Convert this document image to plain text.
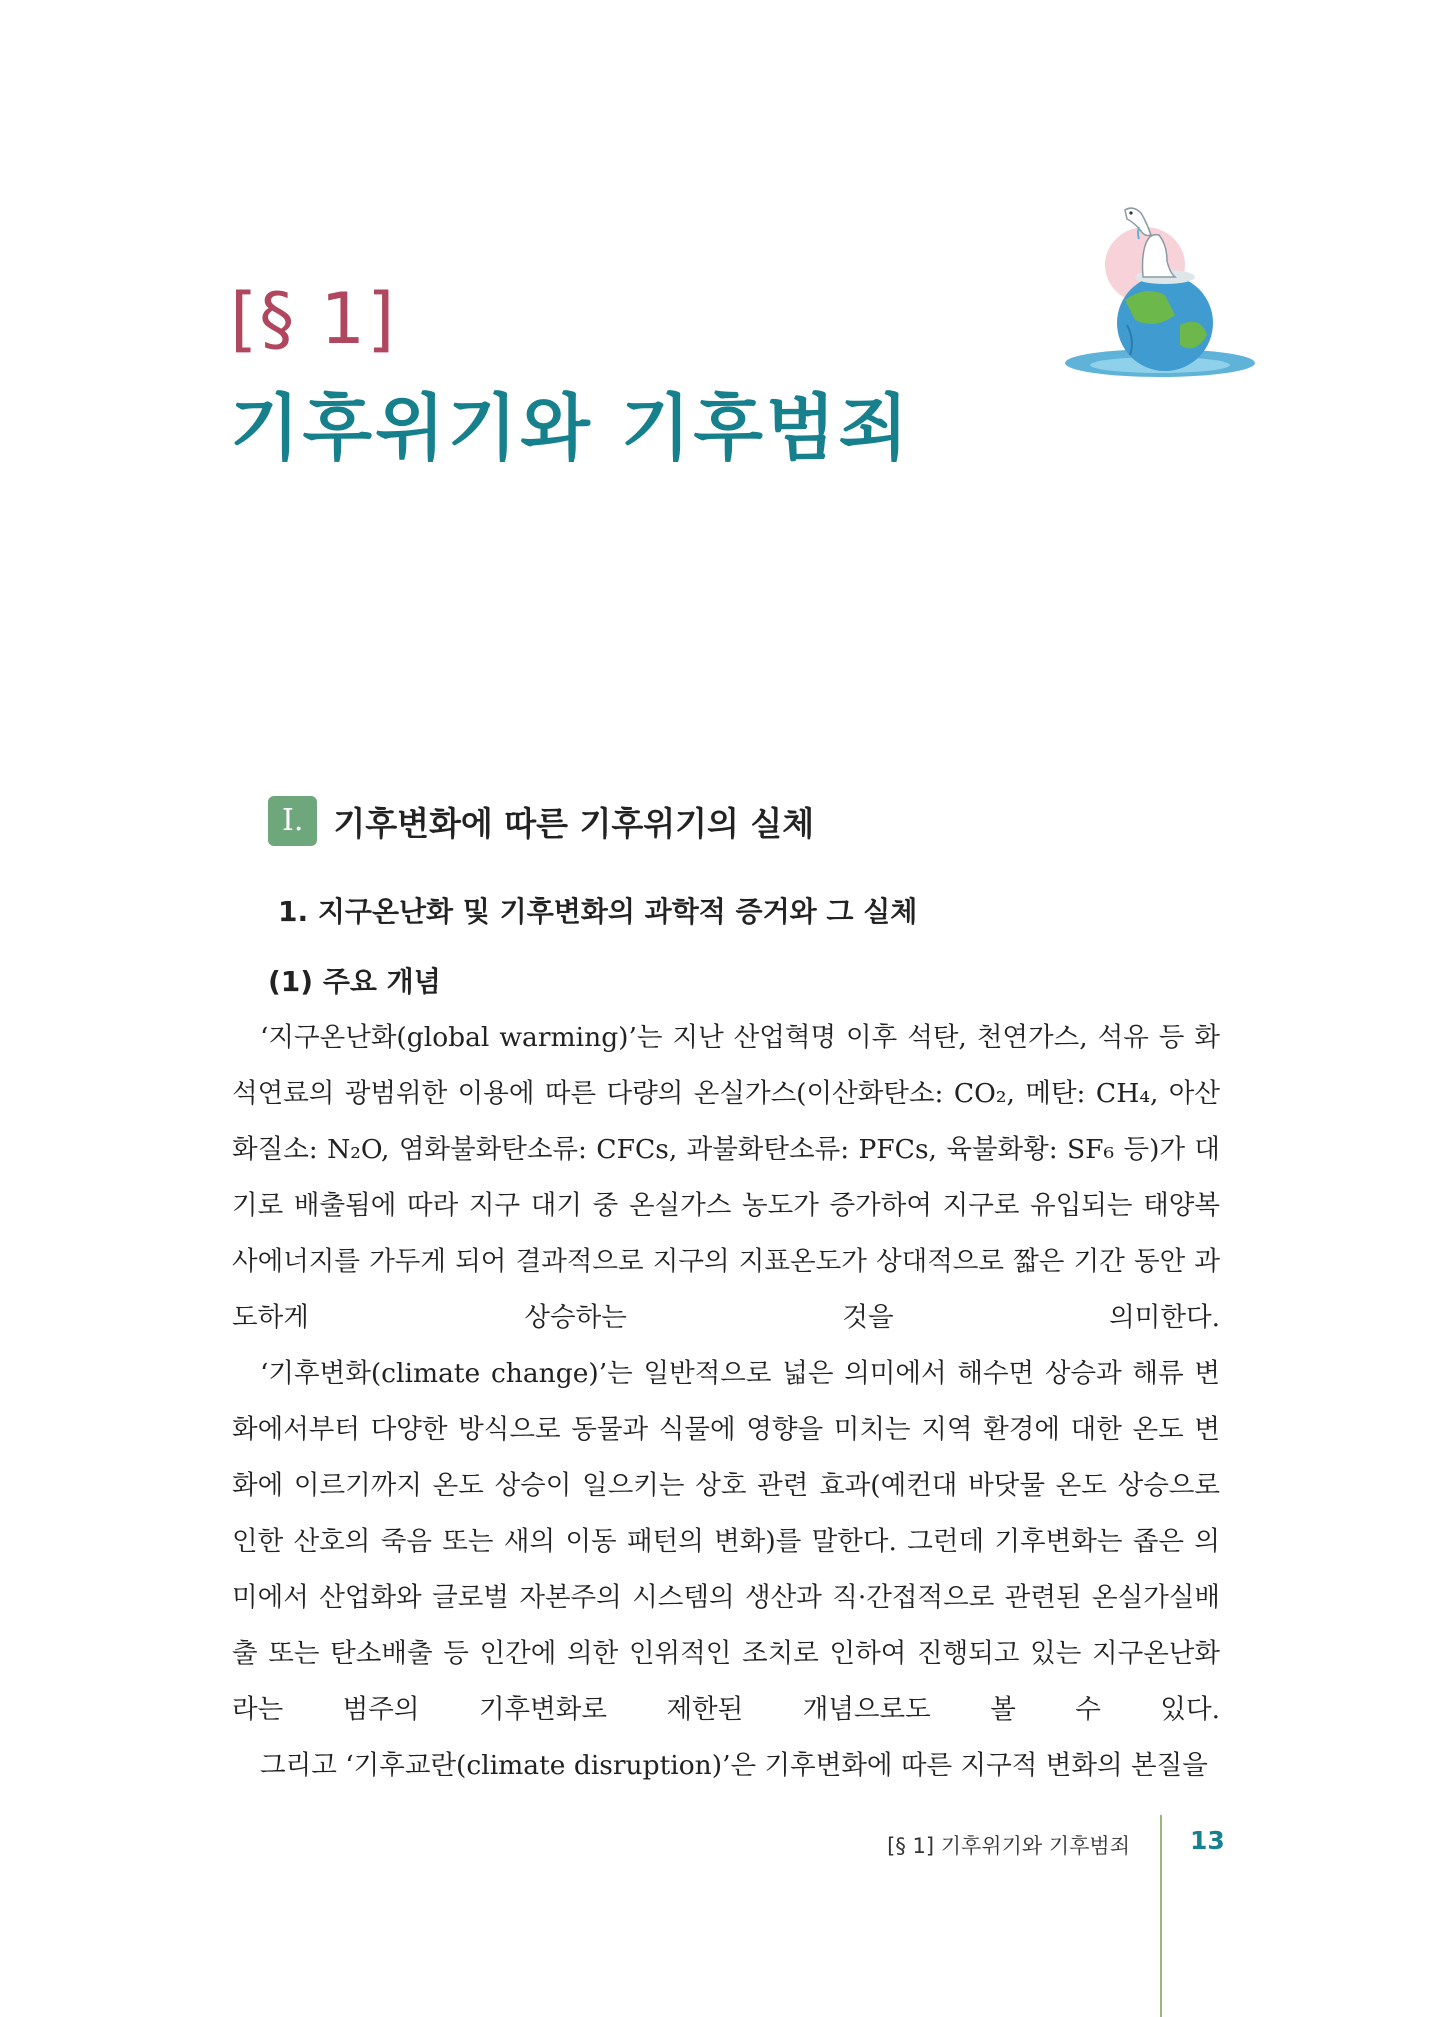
[§ 1]
기후위기와 기후범죄
Ⅰ. 기후변화에 따른 기후위기의 실체
1. 지구온난화 및 기후변화의 과학적 증거와 그 실체
(1) 주요 개념

‘지구온난화(global warming)’는 지난 산업혁명 이후 석탄, 천연가스, 석유 등 화석연료의 광범위한 이용에 따른 다량의 온실가스(이산화탄소: CO₂, 메탄: CH₄, 아산화질소: N₂O, 염화불화탄소류: CFCs, 과불화탄소류: PFCs, 육불화황: SF₆ 등)가 대기로 배출됨에 따라 지구 대기 중 온실가스 농도가 증가하여 지구로 유입되는 태양복사에너지를 가두게 되어 결과적으로 지구의 지표온도가 상대적으로 짧은 기간 동안 과도하게 상승하는 것을 의미한다.

‘기후변화(climate change)’는 일반적으로 넓은 의미에서 해수면 상승과 해류 변화에서부터 다양한 방식으로 동물과 식물에 영향을 미치는 지역 환경에 대한 온도 변화에 이르기까지 온도 상승이 일으키는 상호 관련 효과(예컨대 바닷물 온도 상승으로 인한 산호의 죽음 또는 새의 이동 패턴의 변화)를 말한다. 그런데 기후변화는 좁은 의미에서 산업화와 글로벌 자본주의 시스템의 생산과 직·간접적으로 관련된 온실가실배출 또는 탄소배출 등 인간에 의한 인위적인 조치로 인하여 진행되고 있는 지구온난화라는 범주의 기후변화로 제한된 개념으로도 볼 수 있다.

그리고 ‘기후교란(climate disruption)’은 기후변화에 따른 지구적 변화의 본질을

[§ 1] 기후위기와 기후범죄 13
